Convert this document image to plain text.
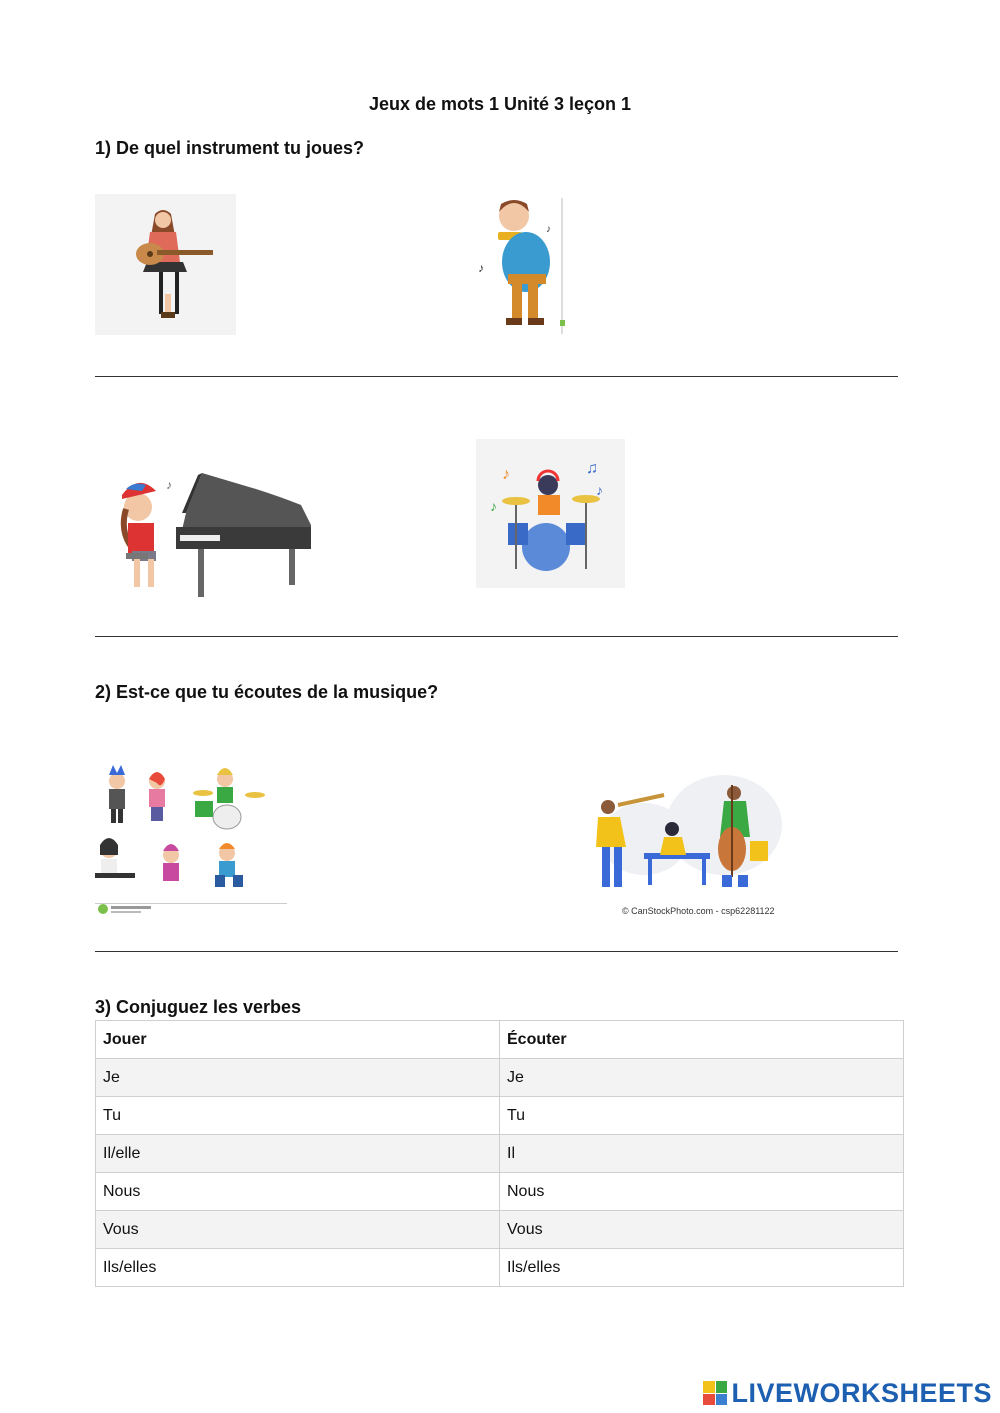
Jeux de mots 1 Unité 3 leçon 1
1) De quel instrument tu joues?
♪
♪
♪
♪	♫
♪
♪
2) Est-ce que tu écoutes de la musique?
© CanStockPhoto.com - csp62281122
3) Conjuguez les verbes
Jouer	Écouter
Je	Je
Tu	Tu
Il/elle	Il
Nous	Nous
Vous	Vous
Ils/elles	Ils/elles
LIVEWORKSHEETS
